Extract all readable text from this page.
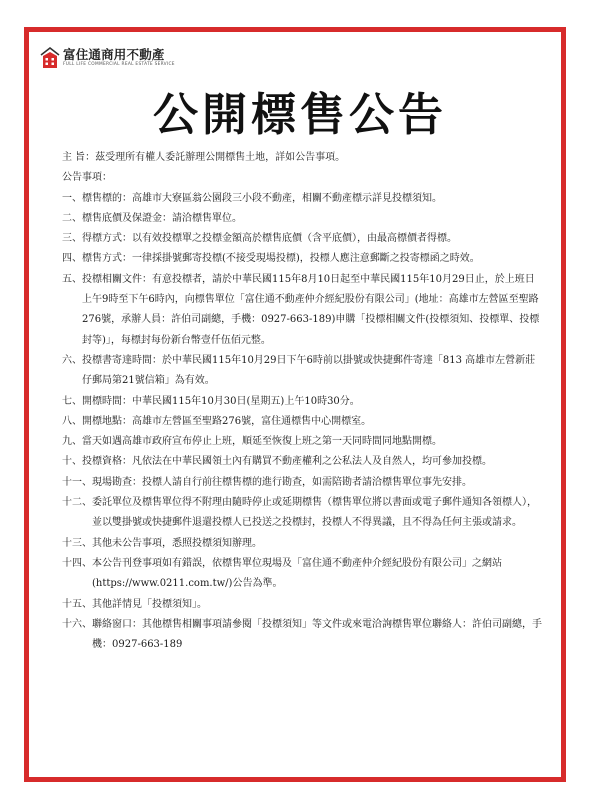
富住通商用不動產
FULL LIFE COMMERCIAL REAL ESTATE SERVICE
公開標售公告
主 旨：茲受理所有權人委託辦理公開標售土地，詳如公告事項。
公告事項：
一、 標售標的：高雄市大寮區翁公園段三小段不動產，相關不動產標示詳見投標須知。
二、 標售底價及保證金：請洽標售單位。
三、 得標方式：以有效投標單之投標金額高於標售底價（含平底價），由最高標價者得標。
四、 標售方式：一律採掛號郵寄投標(不接受現場投標)，投標人應注意郵斷之投寄標函之時效。
五、 投標相關文件：有意投標者，請於中華民國115年8月10日起至中華民國115年10月29日止，於上班日上午9時至下午6時內，向標售單位「富住通不動產仲介經紀股份有限公司」(地址：高雄市左營區至聖路276號，承辦人員：許伯司副總，手機：0927-663-189)申購「投標相關文件(投標須知、投標單、投標封等)」，每標封每份新台幣壹仟伍佰元整。
六、 投標書寄達時間：於中華民國115年10月29日下午6時前以掛號或快捷郵件寄達「813 高雄市左營新莊仔郵局第21號信箱」為有效。
七、 開標時間：中華民國115年10月30日(星期五)上午10時30分。
八、 開標地點：高雄市左營區至聖路276號，富住通標售中心開標室。
九、 當天如遇高雄市政府宣布停止上班，順延至恢復上班之第一天同時間同地點開標。
十、 投標資格：凡依法在中華民國領土內有購買不動產權利之公私法人及自然人，均可參加投標。
十一、 現場勘查：投標人請自行前往標售標的進行勘查，如需陪勘者請洽標售單位事先安排。
十二、 委託單位及標售單位得不附理由隨時停止或延期標售（標售單位將以書面或電子郵件通知各領標人），並以雙掛號或快捷郵件退還投標人已投送之投標封，投標人不得異議，且不得為任何主張或請求。
十三、 其他未公告事項，悉照投標須知辦理。
十四、 本公告刊登事項如有錯誤，依標售單位現場及「富住通不動產仲介經紀股份有限公司」之網站(https://www.0211.com.tw/)公告為準。
十五、 其他詳情見「投標須知」。
十六、 聯絡窗口：其他標售相關事項請參閱「投標須知」等文件或來電洽詢標售單位聯絡人：許伯司副總，手機：0927-663-189
